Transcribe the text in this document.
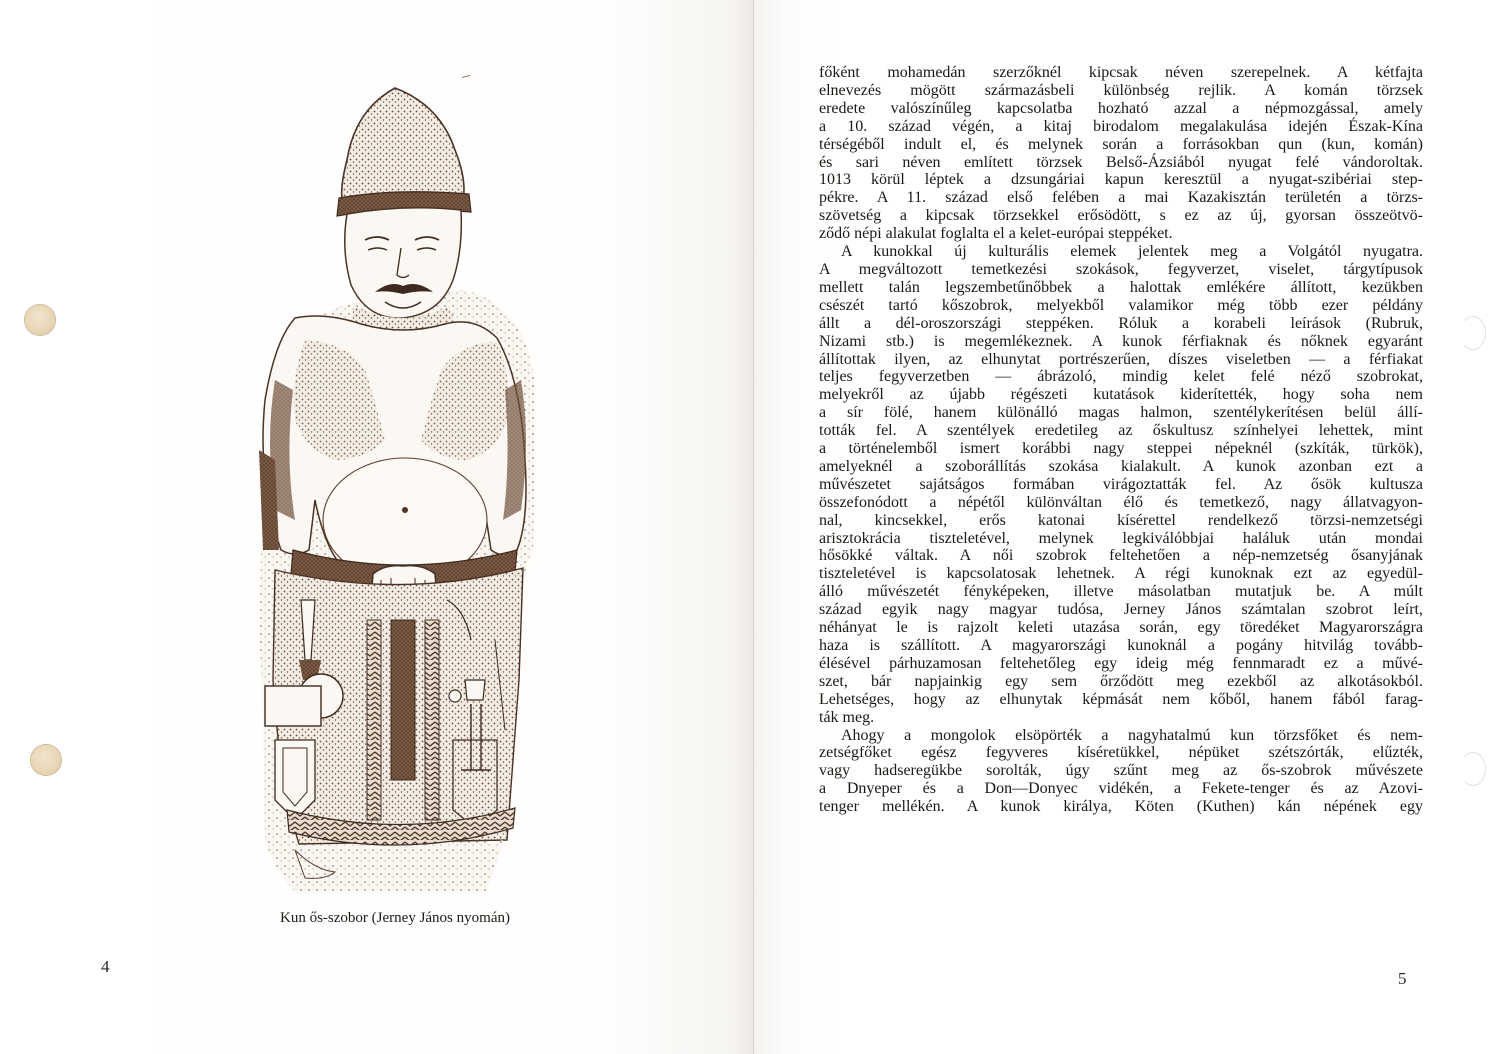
Kun ős-szobor (Jerney János nyomán)
4
főként mohamedán szerzőknél kipcsak néven szerepelnek. A kétfajta
elnevezés mögött származásbeli különbség rejlik. A komán törzsek
eredete valószínűleg kapcsolatba hozható azzal a népmozgással, amely
a 10. század végén, a kitaj birodalom megalakulása idején Észak-Kína
térségéből indult el, és melynek során a forrásokban qun (kun, komán)
és sari néven említett törzsek Belső-Ázsiából nyugat felé vándoroltak.
1013 körül léptek a dzsungáriai kapun keresztül a nyugat-szibériai step-
pékre. A 11. század első felében a mai Kazakisztán területén a törzs-
szövetség a kipcsak törzsekkel erősödött, s ez az új, gyorsan összeötvö-
ződő népi alakulat foglalta el a kelet-európai steppéket.
A kunokkal új kulturális elemek jelentek meg a Volgától nyugatra.
A megváltozott temetkezési szokások, fegyverzet, viselet, tárgytípusok
mellett talán legszembetűnőbbek a halottak emlékére állított, kezükben
csészét tartó kőszobrok, melyekből valamikor még több ezer példány
állt a dél-oroszországi steppéken. Róluk a korabeli leírások (Rubruk,
Nizami stb.) is megemlékeznek. A kunok férfiaknak és nőknek egyaránt
állítottak ilyen, az elhunytat portrészerűen, díszes viseletben — a férfiakat
teljes fegyverzetben — ábrázoló, mindig kelet felé néző szobrokat,
melyekről az újabb régészeti kutatások kiderítették, hogy soha nem
a sír fölé, hanem különálló magas halmon, szentélykerítésen belül állí-
tották fel. A szentélyek eredetileg az őskultusz színhelyei lehettek, mint
a történelemből ismert korábbi nagy steppei népeknél (szkíták, türkök),
amelyeknél a szoborállítás szokása kialakult. A kunok azonban ezt a
művészetet sajátságos formában virágoztatták fel. Az ősök kultusza
összefonódott a népétől különváltan élő és temetkező, nagy állatvagyon-
nal, kincsekkel, erős katonai kísérettel rendelkező törzsi-nemzetségi
arisztokrácia tiszteletével, melynek legkiválóbbjai haláluk után mondai
hősökké váltak. A női szobrok feltehetően a nép-nemzetség ősanyjának
tiszteletével is kapcsolatosak lehetnek. A régi kunoknak ezt az egyedül-
álló művészetét fényképeken, illetve másolatban mutatjuk be. A múlt
század egyik nagy magyar tudósa, Jerney János számtalan szobrot leírt,
néhányat le is rajzolt keleti utazása során, egy töredéket Magyarországra
haza is szállított. A magyarországi kunoknál a pogány hitvilág tovább-
élésével párhuzamosan feltehetőleg egy ideig még fennmaradt ez a művé-
szet, bár napjainkig egy sem őrződött meg ezekből az alkotásokból.
Lehetséges, hogy az elhunytak képmását nem kőből, hanem fából farag-
ták meg.
Ahogy a mongolok elsöpörték a nagyhatalmú kun törzsfőket és nem-
zetségfőket egész fegyveres kíséretükkel, népüket szétszórták, elűzték,
vagy hadseregükbe sorolták, úgy szűnt meg az ős-szobrok művészete
a Dnyeper és a Don—Donyec vidékén, a Fekete-tenger és az Azovi-
tenger mellékén. A kunok királya, Köten (Kuthen) kán népének egy
5
